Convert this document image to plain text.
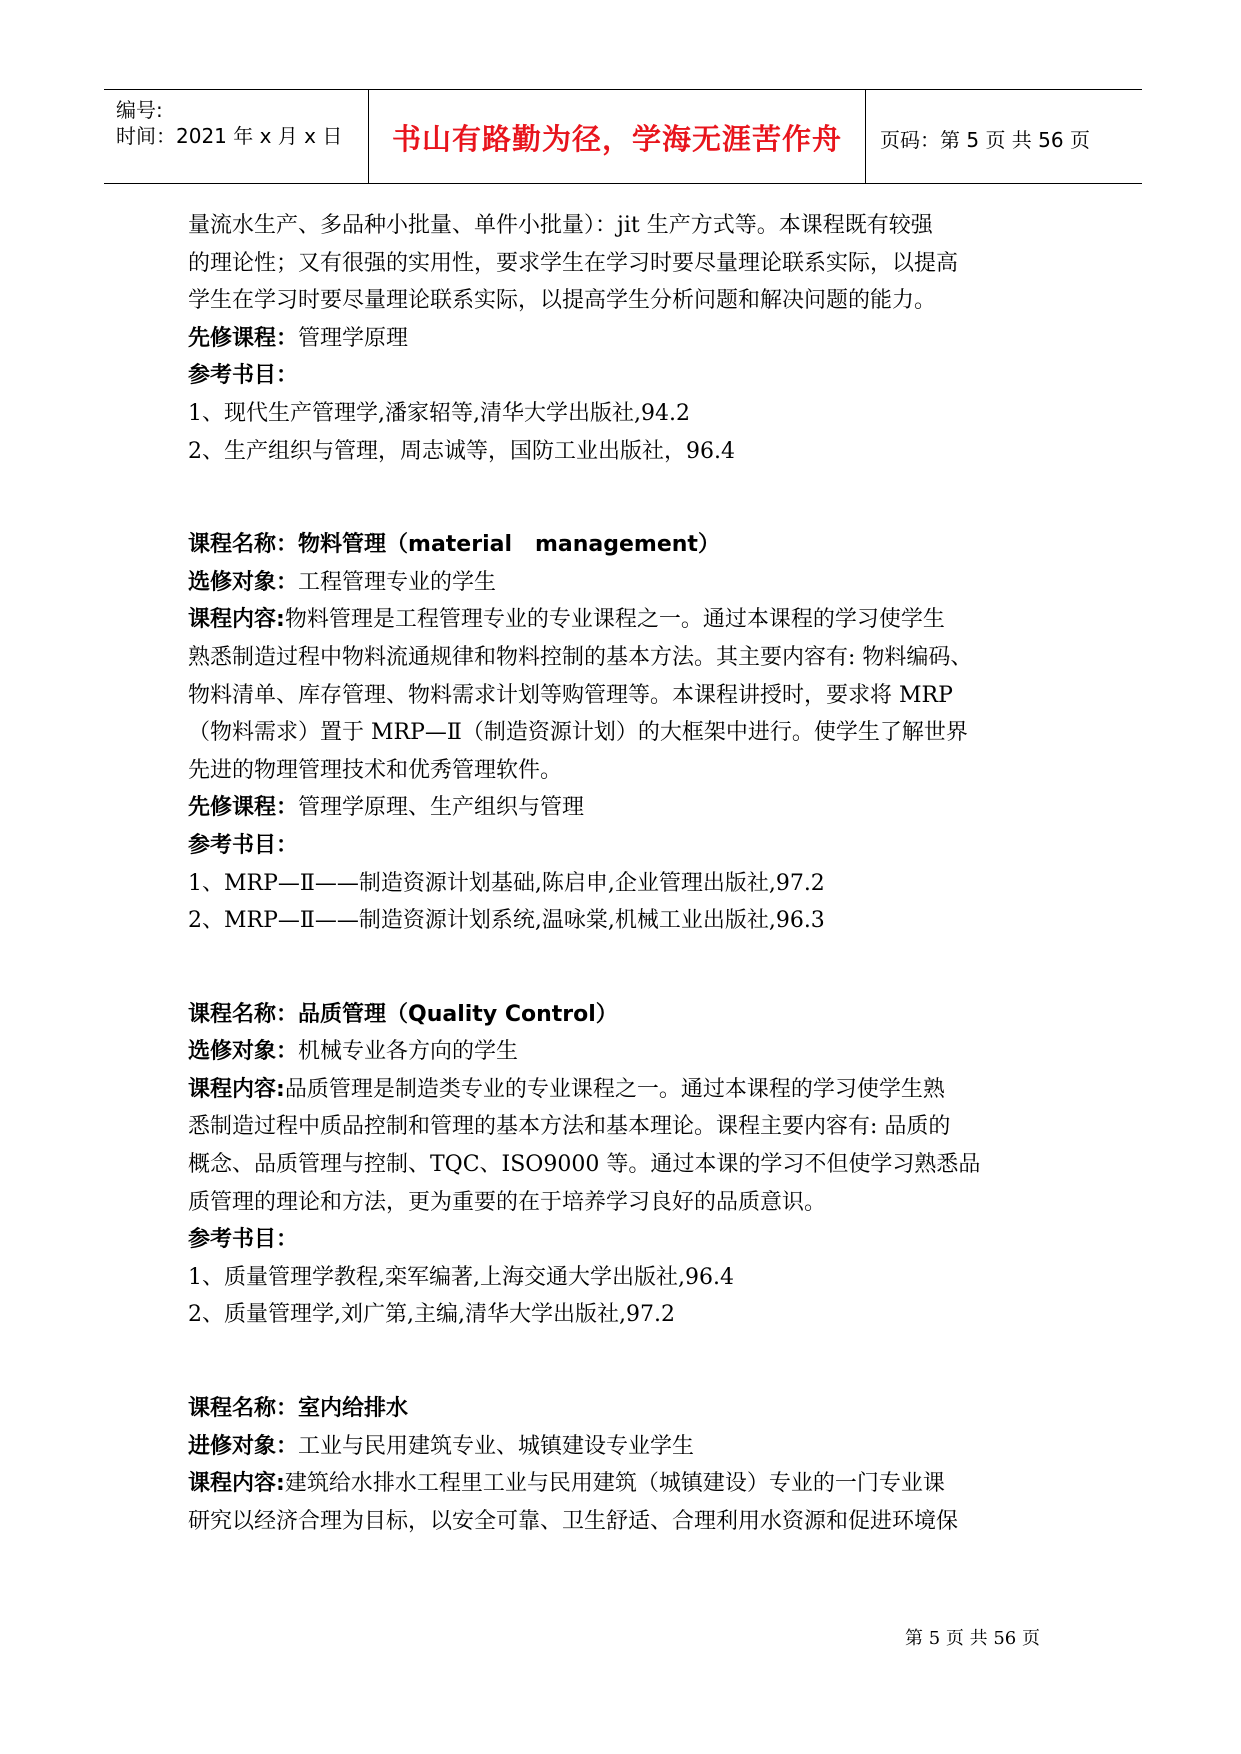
编号:
时间：2021 年 x 月 x 日	书山有路勤为径，学海无涯苦作舟	页码：第 5 页 共 56 页
量流水生产、多品种小批量、单件小批量）：jit 生产方式等。本课程既有较强
的理论性；又有很强的实用性，要求学生在学习时要尽量理论联系实际，以提高
学生在学习时要尽量理论联系实际，以提高学生分析问题和解决问题的能力。
先修课程：管理学原理
参考书目：
1、现代生产管理学,潘家轺等,清华大学出版社,94.2
2、生产组织与管理，周志诚等，国防工业出版社，96.4
课程名称：物料管理（material   management）
选修对象：工程管理专业的学生
课程内容:物料管理是工程管理专业的专业课程之一。通过本课程的学习使学生
熟悉制造过程中物料流通规律和物料控制的基本方法。其主要内容有: 物料编码、
物料清单、库存管理、物料需求计划等购管理等。本课程讲授时，要求将 MRP
（物料需求）置于 MRP—Ⅱ（制造资源计划）的大框架中进行。使学生了解世界
先进的物理管理技术和优秀管理软件。
先修课程：管理学原理、生产组织与管理
参考书目：
1、MRP—Ⅱ——制造资源计划基础,陈启申,企业管理出版社,97.2
2、MRP—Ⅱ——制造资源计划系统,温咏棠,机械工业出版社,96.3
课程名称：品质管理（Quality Control）
选修对象：机械专业各方向的学生
课程内容:品质管理是制造类专业的专业课程之一。通过本课程的学习使学生熟
悉制造过程中质品控制和管理的基本方法和基本理论。课程主要内容有: 品质的
概念、品质管理与控制、TQC、ISO9000 等。通过本课的学习不但使学习熟悉品
质管理的理论和方法，更为重要的在于培养学习良好的品质意识。
参考书目：
1、质量管理学教程,栾军编著,上海交通大学出版社,96.4
2、质量管理学,刘广第,主编,清华大学出版社,97.2
课程名称：室内给排水
进修对象：工业与民用建筑专业、城镇建设专业学生
课程内容:建筑给水排水工程里工业与民用建筑（城镇建设）专业的一门专业课
研究以经济合理为目标，以安全可靠、卫生舒适、合理利用水资源和促进环境保
第 5 页 共 56 页
